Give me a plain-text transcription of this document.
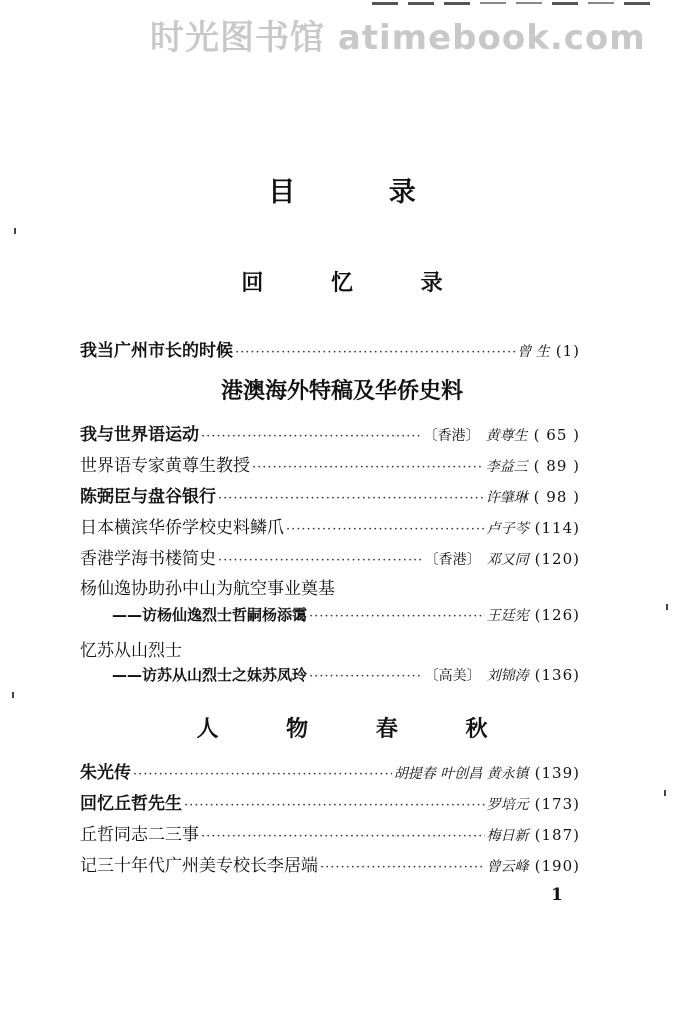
时光图书馆 atimebook.com
目 录
回 忆 录
我当广州市长的时候 ·····	曾 生 (1)
港澳海外特稿及华侨史料
我与世界语运动 ·····	〔香港〕 黄尊生 ( 65 )
世界语专家黄尊生教授 ·····	李益三 ( 89 )
陈弼臣与盘谷银行 ·····	许肇琳 ( 98 )
日本横滨华侨学校史料鳞爪 ·····	卢子芩 (114)
香港学海书楼简史 ·····	〔香港〕 邓又同 (120)
杨仙逸协助孙中山为航空事业奠基
——访杨仙逸烈士哲嗣杨添霭 ·····	王廷宪 (126)
忆苏从山烈士
——访苏从山烈士之妹苏凤玲 ·····	〔高美〕 刘锦涛 (136)
人 物 春 秋
朱光传 ·····	胡提春 叶创昌 黄永镇 (139)
回忆丘哲先生 ·····	罗培元 (173)
丘哲同志二三事 ·····	梅日新 (187)
记三十年代广州美专校长李居端 ·····	曾云峰 (190)
1
